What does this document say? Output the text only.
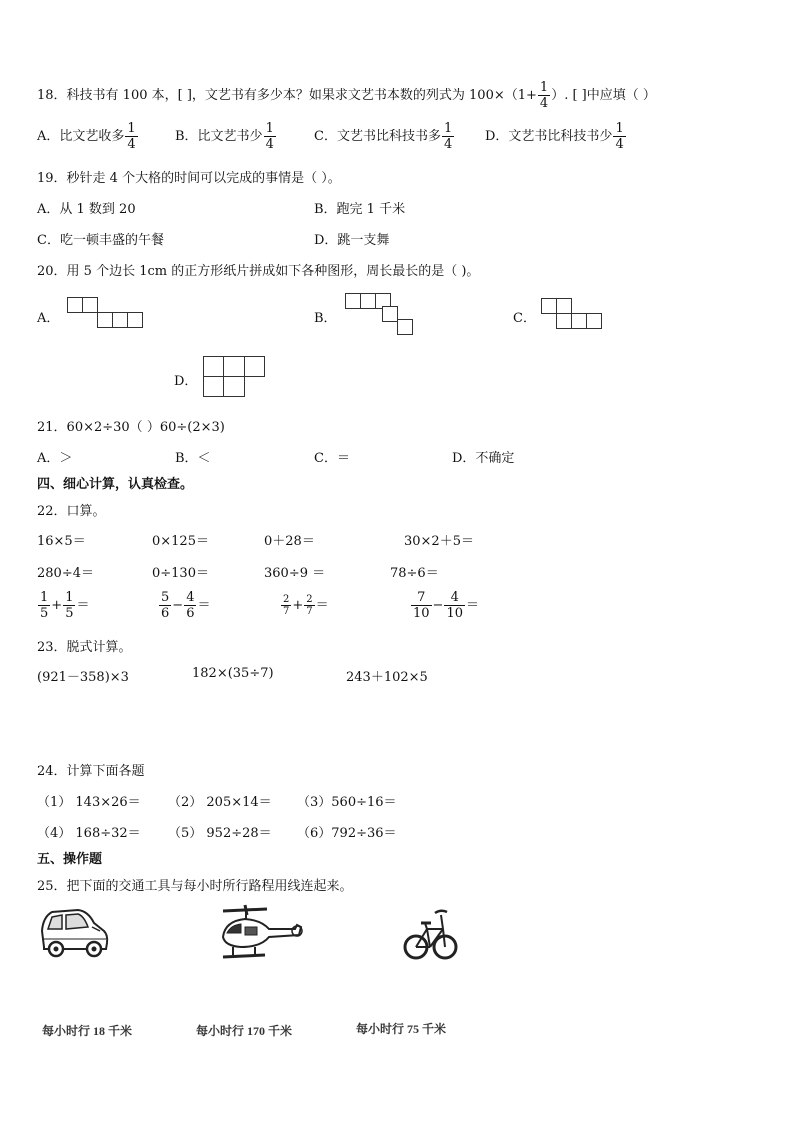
18．科技书有 100 本，[ ]，文艺书有多少本？如果求文艺书本数的列式为 $100\times(1+ \frac{1}{4}$ ）. [ ]中应填（ ）
A．比文艺收多 $\frac{1}{4}$	B．比文艺书少 $\frac{1}{4}$	C．文艺书比科技书多 $\frac{1}{4}$ D．文艺书比科技书少 $\frac{1}{4}$
19．秒针走 4 个大格的时间可以完成的事情是（ ）。
A．从 1 数到 20	B．跑完 1 千米
C．吃一顿丰盛的午餐	D．跳一支舞
20．用 5 个边长 1cm 的正方形纸片拼成如下各种图形，周长最长的是（ )。
A．	B．	C．
D．
21．60×2÷30（ ）60÷(2×3)
A．＞	B．＜	C．＝	D．不确定
四、细心计算，认真检查。
22．口算。
16×5＝	0×125＝	0＋28＝	30×2＋5＝
280÷4＝	0÷130＝	360÷9 ＝	78÷6＝
$\frac{1}{5} + \frac{1}{5}$ ＝	$\frac{5}{6} - \frac{4}{6}$ ＝	$\frac{2}{7} + \frac{2}{7}$ ＝	$\frac{7}{10} - \frac{4}{10}$ ＝
23．脱式计算。
(921－358)×3	182×(35÷7)	243＋102×5
24．计算下面各题
（1） 143×26＝ （2） 205×14＝ （3）560÷16＝
（4） 168÷32＝ （5） 952÷28＝ （6）792÷36＝
五、操作题
25．把下面的交通工具与每小时所行路程用线连起来。
每小时行 18 千米	每小时行 170 千米	每小时行 75 千米
